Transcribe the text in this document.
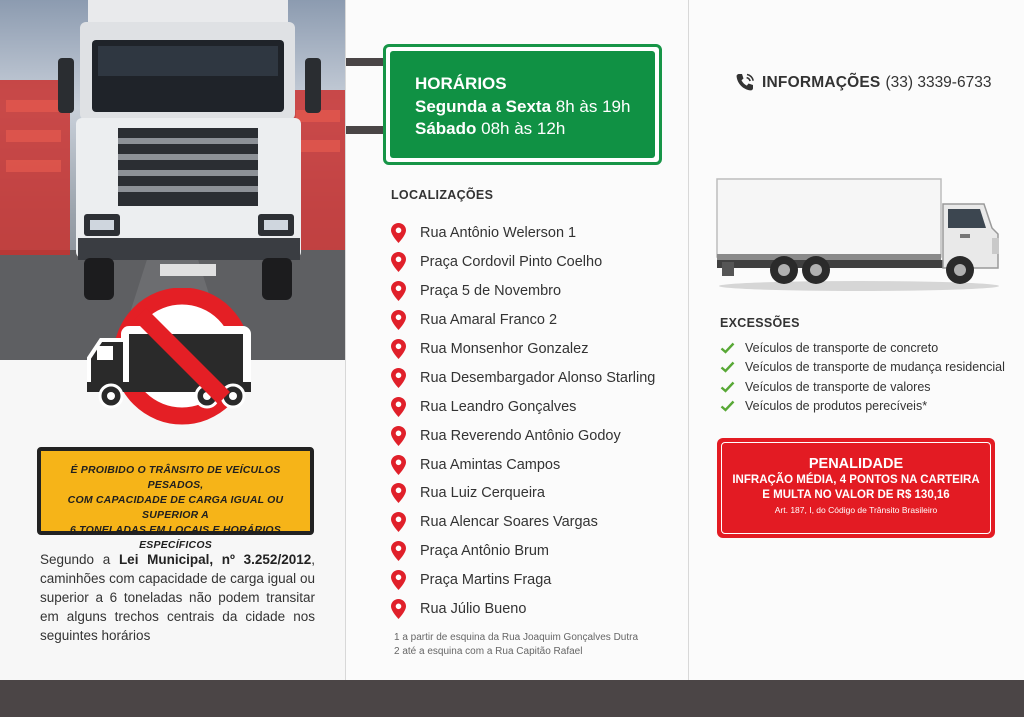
É PROIBIDO O TRÂNSITO DE VEÍCULOS PESADOS,

COM CAPACIDADE DE CARGA IGUAL OU SUPERIOR A

6 TONELADAS EM LOCAIS E HORÁRIOS ESPECÍFICOS

Segundo a Lei Municipal, nº 3.252/2012, caminhões com capacidade de carga igual ou superior a 6 toneladas não podem transitar em alguns trechos centrais da cidade nos seguintes horários

HORÁRIOS
Segunda a Sexta 8h às 19h
Sábado 08h às 12h
LOCALIZAÇÕES
Rua Antônio Welerson 1
Praça Cordovil Pinto Coelho
Praça 5 de Novembro
Rua Amaral Franco 2
Rua Monsenhor Gonzalez
Rua Desembargador Alonso Starling
Rua Leandro Gonçalves
Rua Reverendo Antônio Godoy
Rua Amintas Campos
Rua Luiz Cerqueira
Rua Alencar Soares Vargas
Praça Antônio Brum
Praça Martins Fraga
Rua Júlio Bueno
1 a partir de esquina da Rua Joaquim Gonçalves Dutra
2 até a esquina com a Rua Capitão Rafael
INFORMAÇÕES (33) 3339-6733
EXCESSÕES
Veículos de transporte de concreto
Veículos de transporte de mudança residencial
Veículos de transporte de valores
Veículos de produtos perecíveis*
PENALIDADE
INFRAÇÃO MÉDIA, 4 PONTOS NA CARTEIRA
E MULTA NO VALOR DE R$ 130,16
Art. 187, I, do Código de Trânsito Brasileiro
